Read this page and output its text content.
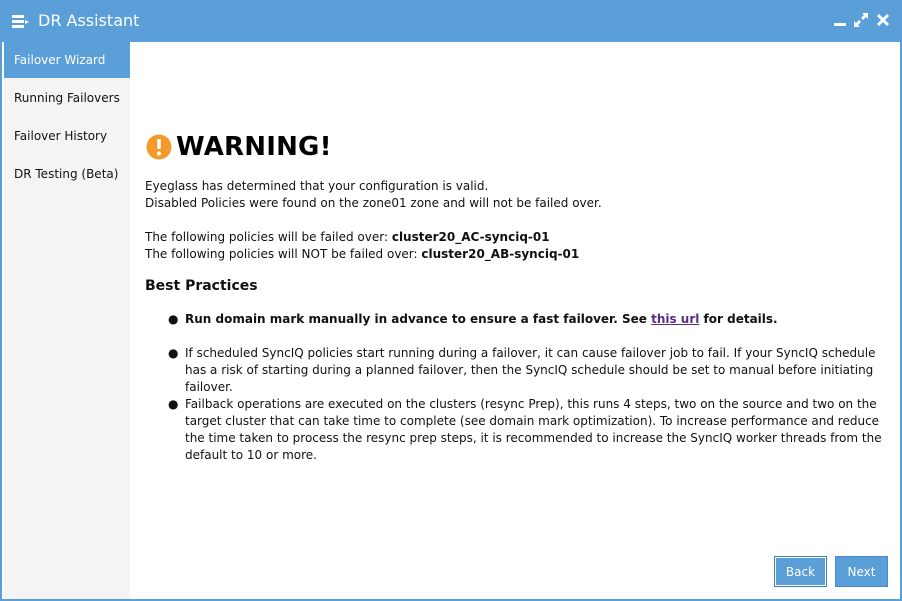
DR Assistant
Failover Wizard
Running Failovers
Failover History
DR Testing (Beta)
WARNING!
Eyeglass has determined that your configuration is valid.
Disabled Policies were found on the zone01 zone and will not be failed over.
The following policies will be failed over: cluster20_AC-synciq-01
The following policies will NOT be failed over: cluster20_AB-synciq-01
Best Practices
● Run domain mark manually in advance to ensure a fast failover. See this url for details.
● If scheduled SyncIQ policies start running during a failover, it can cause failover job to fail. If your SyncIQ schedule has a risk of starting during a planned failover, then the SyncIQ schedule should be set to manual before initiating failover.
● Failback operations are executed on the clusters (resync Prep), this runs 4 steps, two on the source and two on the target cluster that can take time to complete (see domain mark optimization). To increase performance and reduce the time taken to process the resync prep steps, it is recommended to increase the SyncIQ worker threads from the default to 10 or more.
Back	Next
